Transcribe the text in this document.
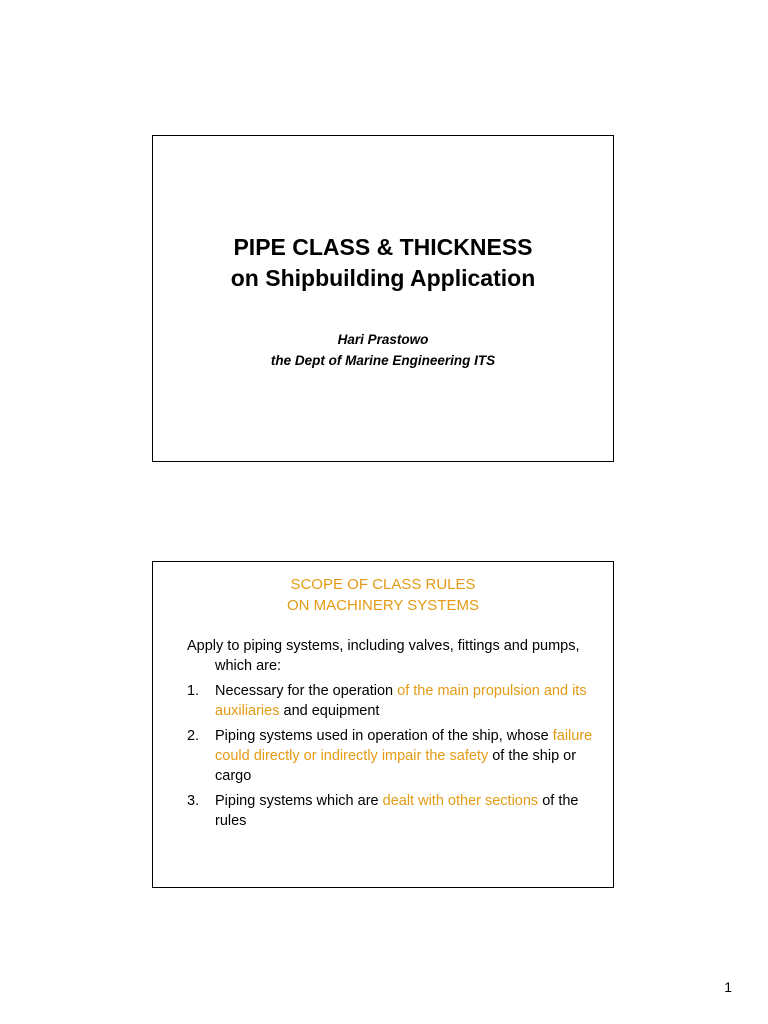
PIPE CLASS & THICKNESS
on Shipbuilding Application
Hari Prastowo
the Dept of Marine Engineering ITS
SCOPE OF CLASS RULES
ON MACHINERY SYSTEMS

Apply to piping systems, including valves, fittings and pumps, which are:

1.	Necessary for the operation of the main propulsion and its auxiliaries and equipment
2.	Piping systems used in operation of the ship, whose failure could directly or indirectly impair the safety of the ship or cargo
3.	Piping systems which are dealt with other sections of the rules
1
